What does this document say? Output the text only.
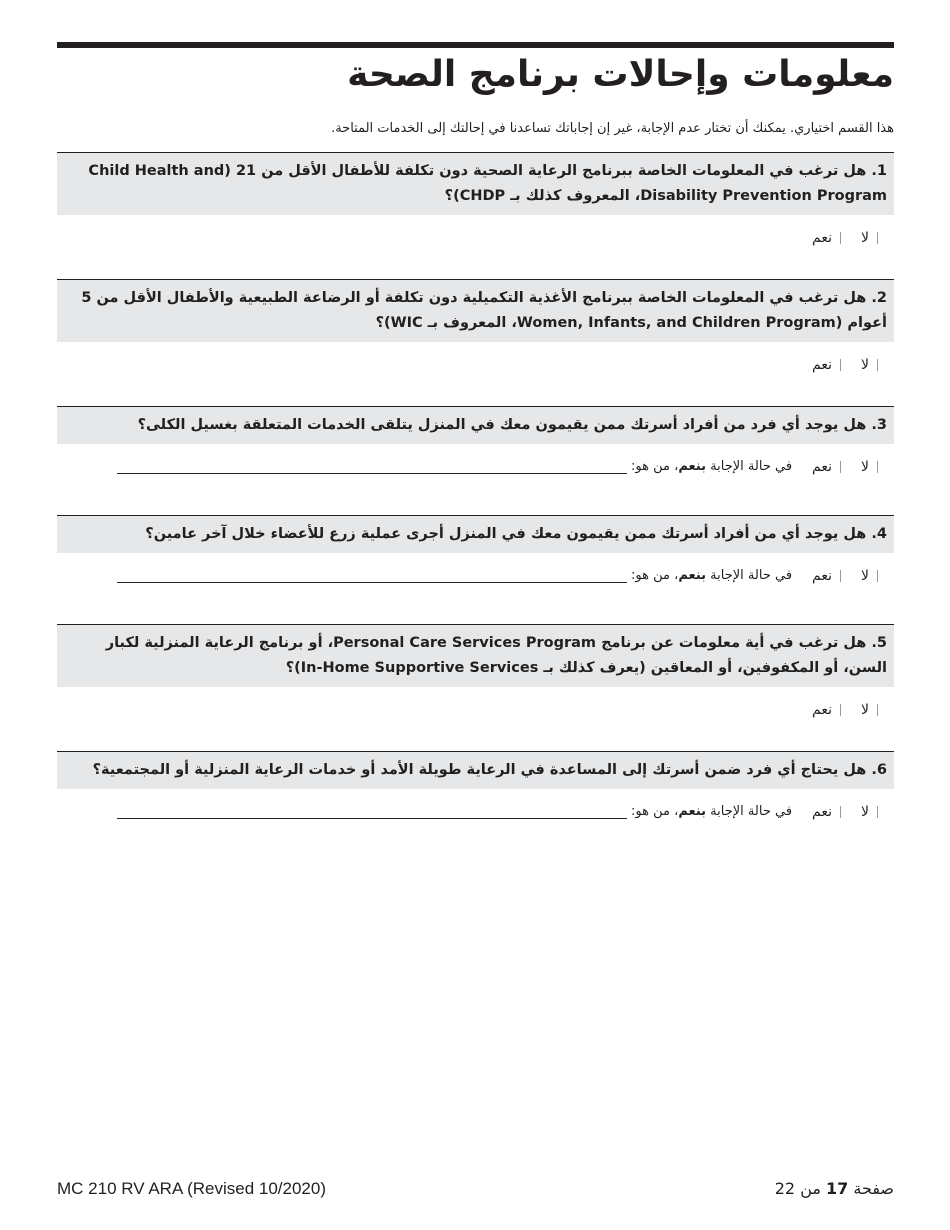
معلومات وإحالات برنامج الصحة

هذا القسم اختياري. يمكنك أن تختار عدم الإجابة، غير إن إجاباتك تساعدنا في إحالتك إلى الخدمات المتاحة.

1. هل ترغب في المعلومات الخاصة ببرنامج الرعاية الصحية دون تكلفة للأطفال الأقل من 21 (Child Health and Disability Prevention Program، المعروف كذلك بـ CHDP)؟
لا
نعم
2. هل ترغب في المعلومات الخاصة ببرنامج الأغذية التكميلية دون تكلفة أو الرضاعة الطبيعية والأطفال الأقل من 5 أعوام (Women, Infants, and Children Program، المعروف بـ WIC)؟
لا
نعم
3. هل يوجد أي فرد من أفراد أسرتك ممن يقيمون معك في المنزل يتلقى الخدمات المتعلقة بغسيل الكلى؟
لا
نعم
في حالة الإجابة بنعم، من هو:
4. هل يوجد أي من أفراد أسرتك ممن يقيمون معك في المنزل أجرى عملية زرع للأعضاء خلال آخر عامين؟
لا
نعم
في حالة الإجابة بنعم، من هو:
5. هل ترغب في أية معلومات عن برنامج Personal Care Services Program، أو برنامج الرعاية المنزلية لكبار السن، أو المكفوفين، أو المعاقين (يعرف كذلك بـ In-Home Supportive Services)؟
لا
نعم
6. هل يحتاج أي فرد ضمن أسرتك إلى المساعدة في الرعاية طويلة الأمد أو خدمات الرعاية المنزلية أو المجتمعية؟
لا
نعم
في حالة الإجابة بنعم، من هو:
MC 210 RV ARA (Revised 10/2020)	صفحة 17 من 22
